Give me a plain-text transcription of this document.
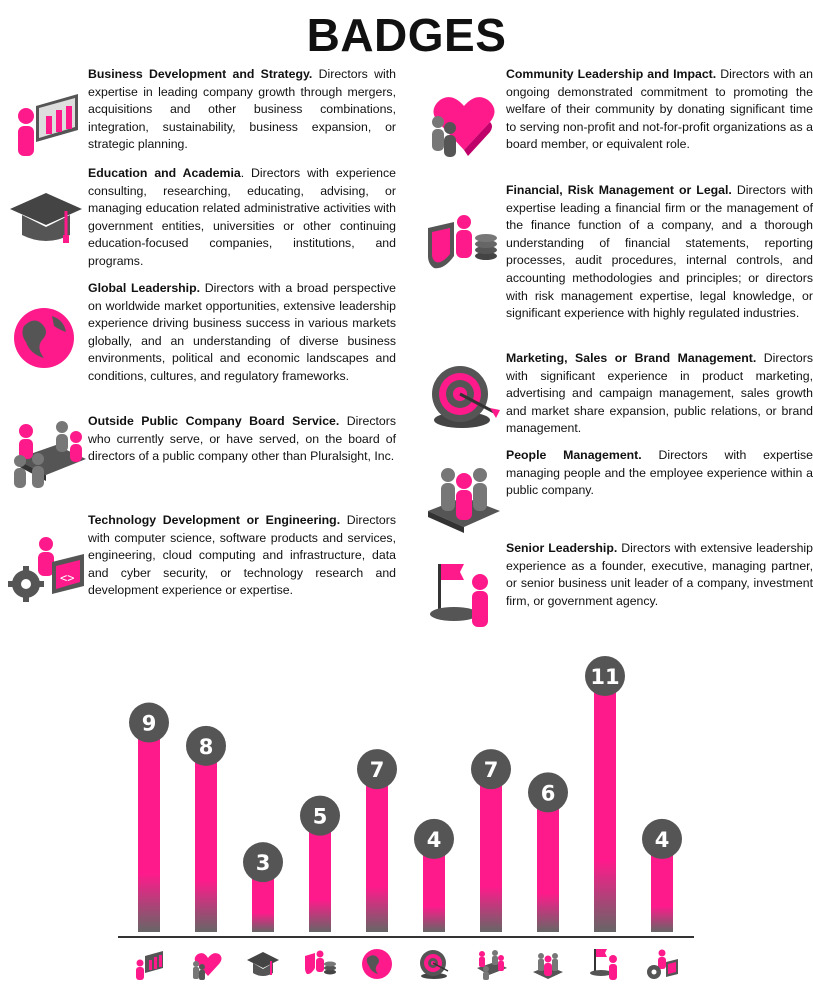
BADGES
Business Development and Strategy. Directors with expertise in leading company growth through mergers, acquisitions and other business combinations, integration, sustainability, business expansion, or strategic planning.
Education and Academia. Directors with experience consulting, researching, educating, advising, or managing education related administrative activities with government entities, universities or other continuing education-focused companies, institutions, and programs.
Global Leadership. Directors with a broad perspective on worldwide market opportunities, extensive leadership experience driving business success in various markets globally, and an understanding of diverse business environments, political and economic landscapes and conditions, cultures, and regulatory frameworks.
Outside Public Company Board Service. Directors who currently serve, or have served, on the board of directors of a public company other than Pluralsight, Inc.
<>
Technology Development or Engineering. Directors with computer science, software products and services, engineering, cloud computing and infrastructure, data and cyber security, or technology research and development experience or expertise.
Community Leadership and Impact. Directors with an ongoing demonstrated commitment to promoting the welfare of their community by donating significant time to serving non-profit and not-for-profit organizations as a board member, or equivalent role.
Financial, Risk Management or Legal. Directors with expertise leading a financial firm or the management of the finance function of a company, and a thorough understanding of financial statements, reporting processes, audit procedures, internal controls, and accounting methodologies and principles; or directors with risk management expertise, legal knowledge, or significant experience with highly regulated industries.
Marketing, Sales or Brand Management. Directors with significant experience in product marketing, advertising and campaign management, sales growth and market share expansion, public relations, or brand management.
People Management. Directors with expertise managing people and the employee experience within a public company.
Senior Leadership. Directors with extensive leadership experience as a founder, executive, managing partner, or senior business unit leader of a company, investment firm, or government agency.
9
8
3
5
7
4
7
6
11
4
